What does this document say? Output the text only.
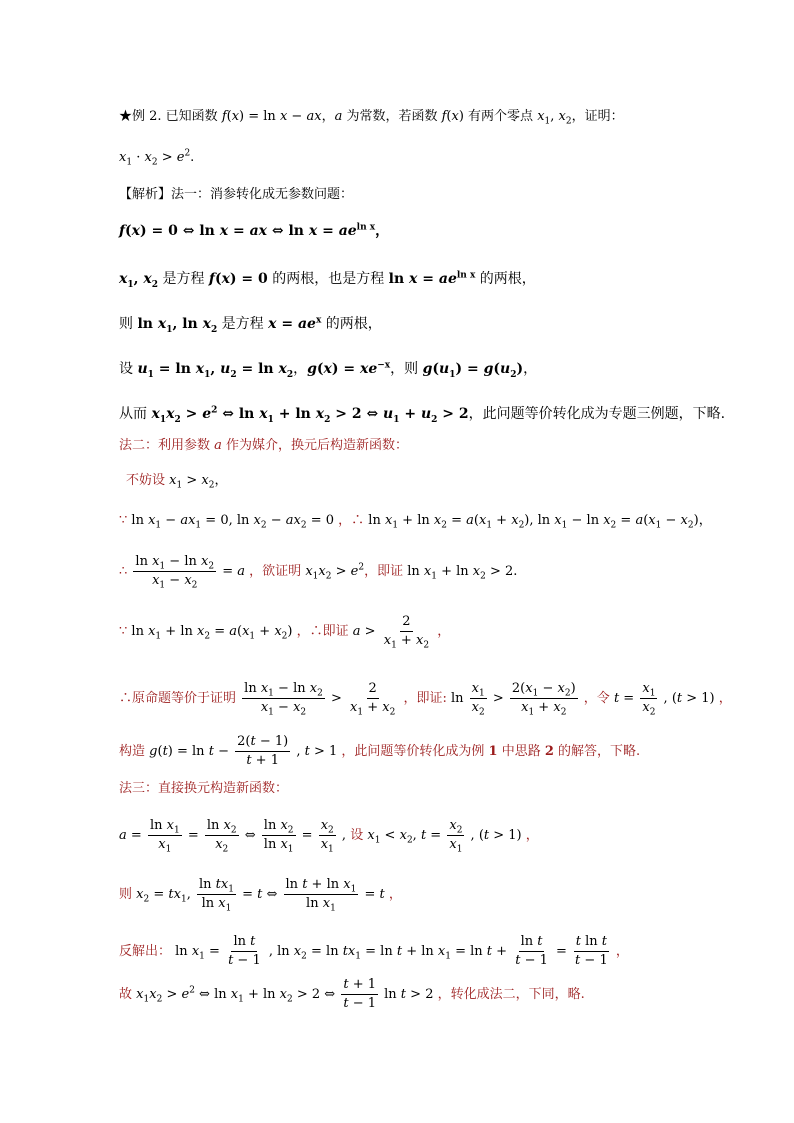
★例 2. 已知函数 f(x) = ln x − ax，a 为常数，若函数 f(x) 有两个零点 $x_1$, $x_2$，证明：
$x_1 \cdot x_2 > e^2$.
【解析】法一：消参转化成无参数问题：
f(x) = 0 ⇔ ln x = ax ⇔ $\ln x = ae^{ln x}$，
$x_1$, $x_2$ 是方程 f(x) = 0 的两根，也是方程 $\ln x = ae^{ln x}$ 的两根，
则 $\ln x_1$, $\ln x_2$ 是方程 $x = ae^x$ 的两根，
设 $u_1 = \ln x_1$, $u_2 = \ln x_2$，$g(x) = xe^{-x}$，则 $g(u_1) = g(u_2)$，
从而 $x_1x_2 > e^2$ ⇔ $\ln x_1 + \ln x_2 > 2$ ⇔ $u_1 + u_2 > 2$，此问题等价转化成为专题三例题，下略.
法二：利用参数 a 作为媒介，换元后构造新函数：
不妨设 $x_1 > x_2$，
∵ $\ln x_1 - ax_1 = 0$, $\ln x_2 - ax_2 = 0$ ，∴ $\ln x_1 + \ln x_2 = a(x_1 + x_2)$, $\ln x_1 - \ln x_2 = a(x_1 - x_2)$，
∴ $\frac{\ln x_1 - \ln x_2}{x_1 - x_2} = a$ ，欲证明 $x_1x_2 > e^2$，即证 $\ln x_1 + \ln x_2 > 2$.
∵ $\ln x_1 + \ln x_2 = a(x_1 + x_2)$ ，∴即证 $a > \frac{2}{x_1 + x_2}$ ，
∴原命题等价于证明 $\frac{\ln x_1 - \ln x_2}{x_1 - x_2} > \frac{2}{x_1 + x_2}$ ，即证: $\ln \frac{x_1}{x_2} > \frac{2(x_1 - x_2)}{x_1 + x_2}$ ，令 $t = \frac{x_1}{x_2}$ , (t > 1) ，
构造 $g(t) = \ln t - \frac{2(t - 1)}{t + 1}$ , t > 1 ，此问题等价转化成为例 1 中思路 2 的解答，下略.
法三：直接换元构造新函数：
$a = \frac{\ln x_1}{x_1} = \frac{\ln x_2}{x_2}$ ⇔ $\frac{\ln x_2}{\ln x_1} = \frac{x_2}{x_1}$ , 设 $x_1 < x_2$, $t = \frac{x_2}{x_1}$ , (t > 1) ，
则 $x_2 = tx_1$, $\frac{\ln tx_1}{\ln x_1} = t$ ⇔ $\frac{\ln t + \ln x_1}{\ln x_1} = t$ ，
反解出： $\ln x_1 = \frac{\text{ln t}}{t - 1}$ , $\ln x_2 = \ln tx_1 = \ln t + \ln x_1 = \ln t + \frac{\text{ln t}}{t - 1} = \frac{\text{t ln t}}{t - 1}$ ，
故 $x_1x_2 > e^2$ ⇔ $\ln x_1 + \ln x_2 > 2$ ⇔ $\frac{t + 1}{t - 1}$ ln t > 2 ，转化成法二，下同，略.
